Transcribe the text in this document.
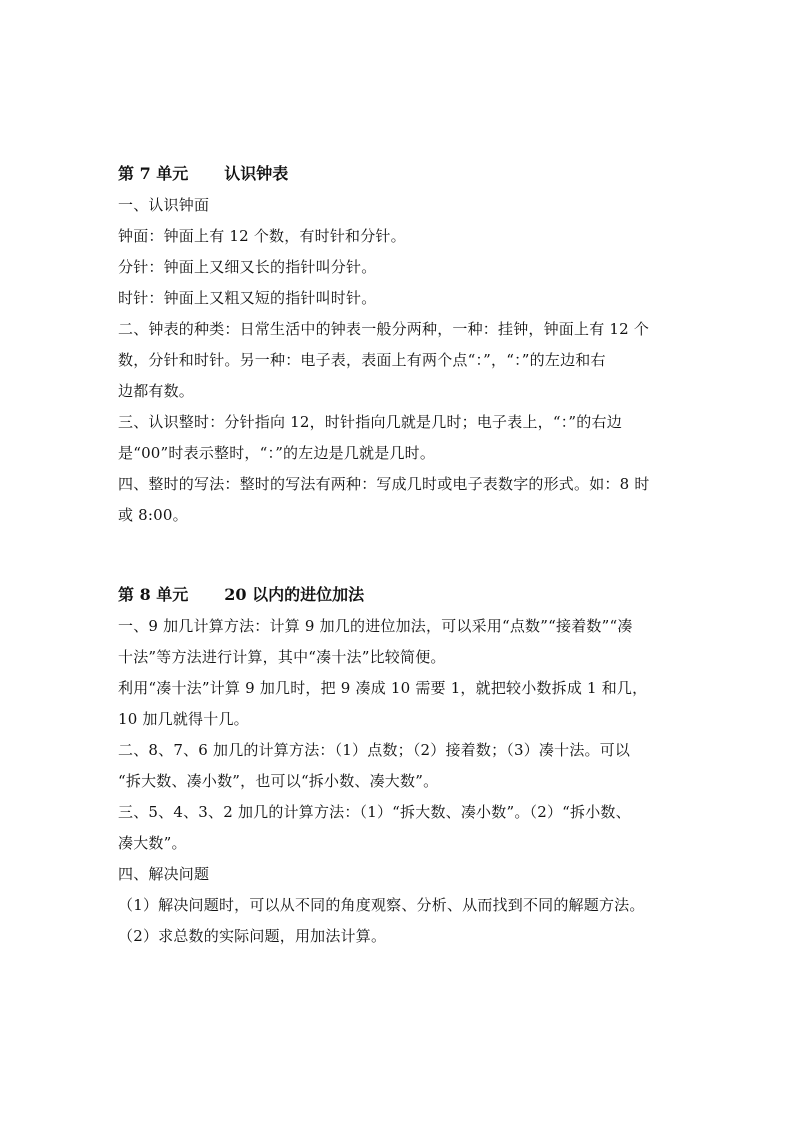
第 7 单元 认识钟表
一、认识钟面
钟面：钟面上有 12 个数，有时针和分针。
分针：钟面上又细又长的指针叫分针。
时针：钟面上又粗又短的指针叫时针。
二、钟表的种类：日常生活中的钟表一般分两种，一种：挂钟，钟面上有 12 个
数，分针和时针。另一种：电子表，表面上有两个点“：”，“：”的左边和右
边都有数。
三、认识整时：分针指向 12，时针指向几就是几时；电子表上，“：”的右边
是“00”时表示整时，“：”的左边是几就是几时。
四、整时的写法：整时的写法有两种：写成几时或电子表数字的形式。如：8 时
或 8:00。
第 8 单元 20 以内的进位加法
一、9 加几计算方法：计算 9 加几的进位加法，可以采用“点数”“接着数”“凑
十法”等方法进行计算，其中“凑十法”比较简便。
利用“凑十法”计算 9 加几时，把 9 凑成 10 需要 1，就把较小数拆成 1 和几，
10 加几就得十几。
二、8、7、6 加几的计算方法：（1）点数；（2）接着数；（3）凑十法。可以
“拆大数、凑小数”，也可以“拆小数、凑大数”。
三、5、4、3、2 加几的计算方法：（1）“拆大数、凑小数”。（2）“拆小数、
凑大数”。
四、解决问题
（1）解决问题时，可以从不同的角度观察、分析、从而找到不同的解题方法。
（2）求总数的实际问题，用加法计算。
